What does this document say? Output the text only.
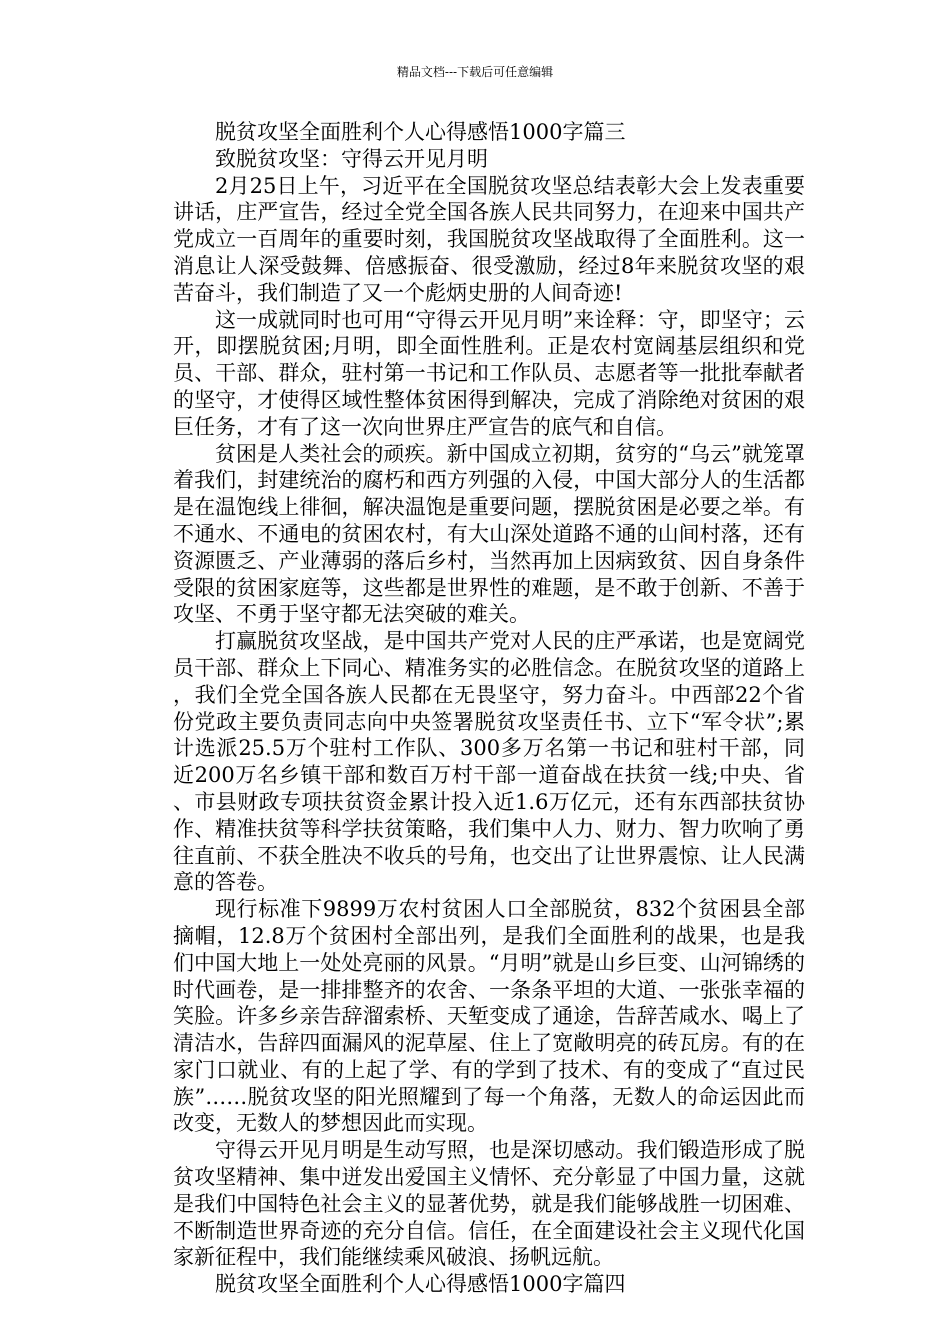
精品文档---下载后可任意编辑

脱贫攻坚全面胜利个人心得感悟1000字篇三

致脱贫攻坚：守得云开见月明

2月25日上午，习近平在全国脱贫攻坚总结表彰大会上发表重要讲话，庄严宣告，经过全党全国各族人民共同努力，在迎来中国共产党成立一百周年的重要时刻，我国脱贫攻坚战取得了全面胜利。这一消息让人深受鼓舞、倍感振奋、很受激励，经过8年来脱贫攻坚的艰苦奋斗，我们制造了又一个彪炳史册的人间奇迹!

这一成就同时也可用“守得云开见月明”来诠释：守，即坚守；云开，即摆脱贫困;月明，即全面性胜利。正是农村宽阔基层组织和党员、干部、群众，驻村第一书记和工作队员、志愿者等一批批奉献者的坚守，才使得区域性整体贫困得到解决，完成了消除绝对贫困的艰巨任务，才有了这一次向世界庄严宣告的底气和自信。

贫困是人类社会的顽疾。新中国成立初期，贫穷的“乌云”就笼罩着我们，封建统治的腐朽和西方列强的入侵，中国大部分人的生活都是在温饱线上徘徊，解决温饱是重要问题，摆脱贫困是必要之举。有不通水、不通电的贫困农村，有大山深处道路不通的山间村落，还有资源匮乏、产业薄弱的落后乡村，当然再加上因病致贫、因自身条件受限的贫困家庭等，这些都是世界性的难题，是不敢于创新、不善于攻坚、不勇于坚守都无法突破的难关。

打赢脱贫攻坚战，是中国共产党对人民的庄严承诺，也是宽阔党员干部、群众上下同心、精准务实的必胜信念。在脱贫攻坚的道路上，我们全党全国各族人民都在无畏坚守，努力奋斗。中西部22个省份党政主要负责同志向中央签署脱贫攻坚责任书、立下“军令状”;累计选派25.5万个驻村工作队、300多万名第一书记和驻村干部，同近200万名乡镇干部和数百万村干部一道奋战在扶贫一线;中央、省、市县财政专项扶贫资金累计投入近1.6万亿元，还有东西部扶贫协作、精准扶贫等科学扶贫策略，我们集中人力、财力、智力吹响了勇往直前、不获全胜决不收兵的号角，也交出了让世界震惊、让人民满意的答卷。

现行标准下9899万农村贫困人口全部脱贫，832个贫困县全部摘帽，12.8万个贫困村全部出列，是我们全面胜利的战果，也是我们中国大地上一处处亮丽的风景。“月明”就是山乡巨变、山河锦绣的时代画卷，是一排排整齐的农舍、一条条平坦的大道、一张张幸福的笑脸。许多乡亲告辞溜索桥、天堑变成了通途，告辞苦咸水、喝上了清洁水，告辞四面漏风的泥草屋、住上了宽敞明亮的砖瓦房。有的在家门口就业、有的上起了学、有的学到了技术、有的变成了“直过民族”……脱贫攻坚的阳光照耀到了每一个角落，无数人的命运因此而改变，无数人的梦想因此而实现。

守得云开见月明是生动写照，也是深切感动。我们锻造形成了脱贫攻坚精神、集中迸发出爱国主义情怀、充分彰显了中国力量，这就是我们中国特色社会主义的显著优势，就是我们能够战胜一切困难、不断制造世界奇迹的充分自信。信任，在全面建设社会主义现代化国家新征程中，我们能继续乘风破浪、扬帆远航。

脱贫攻坚全面胜利个人心得感悟1000字篇四
